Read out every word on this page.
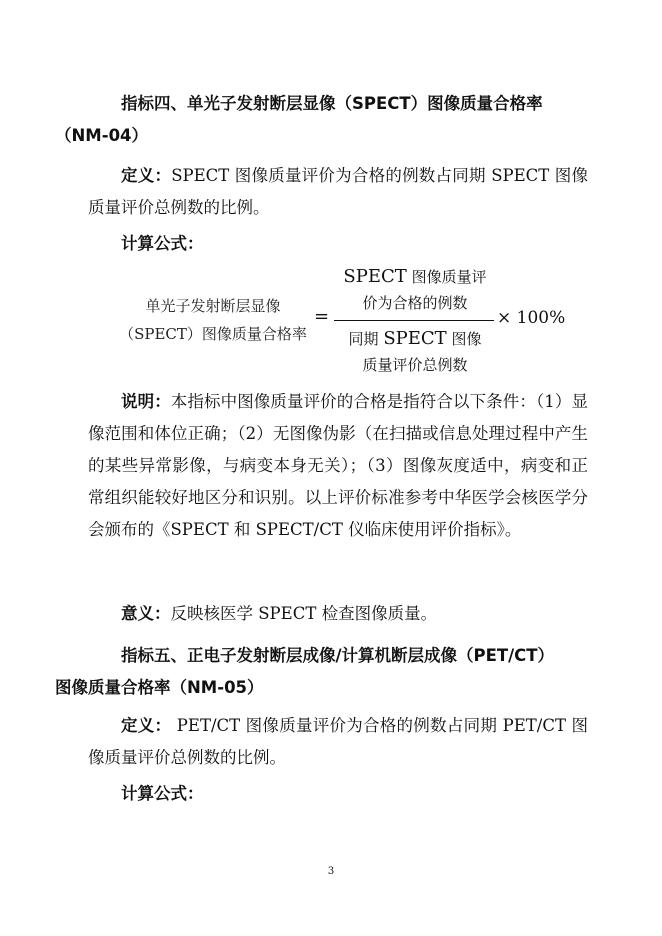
指标四、单光子发射断层显像（SPECT）图像质量合格率
（NM-04）

定义：SPECT 图像质量评价为合格的例数占同期 SPECT 图像质量评价总例数的比例。

计算公式：

单光子发射断层显像
（SPECT）图像质量合格率
=
SPECT 图像质量评
价为合格的例数
同期 SPECT 图像
质量评价总例数
× 100%

说明：本指标中图像质量评价的合格是指符合以下条件：（1）显像范围和体位正确；（2）无图像伪影（在扫描或信息处理过程中产生的某些异常影像，与病变本身无关）；（3）图像灰度适中，病变和正常组织能较好地区分和识别。以上评价标准参考中华医学会核医学分会颁布的《SPECT 和 SPECT/CT 仪临床使用评价指标》。

意义：反映核医学 SPECT 检查图像质量。

指标五、正电子发射断层成像/计算机断层成像（PET/CT）
图像质量合格率（NM-05）

定义： PET/CT 图像质量评价为合格的例数占同期 PET/CT 图像质量评价总例数的比例。

计算公式：

3
